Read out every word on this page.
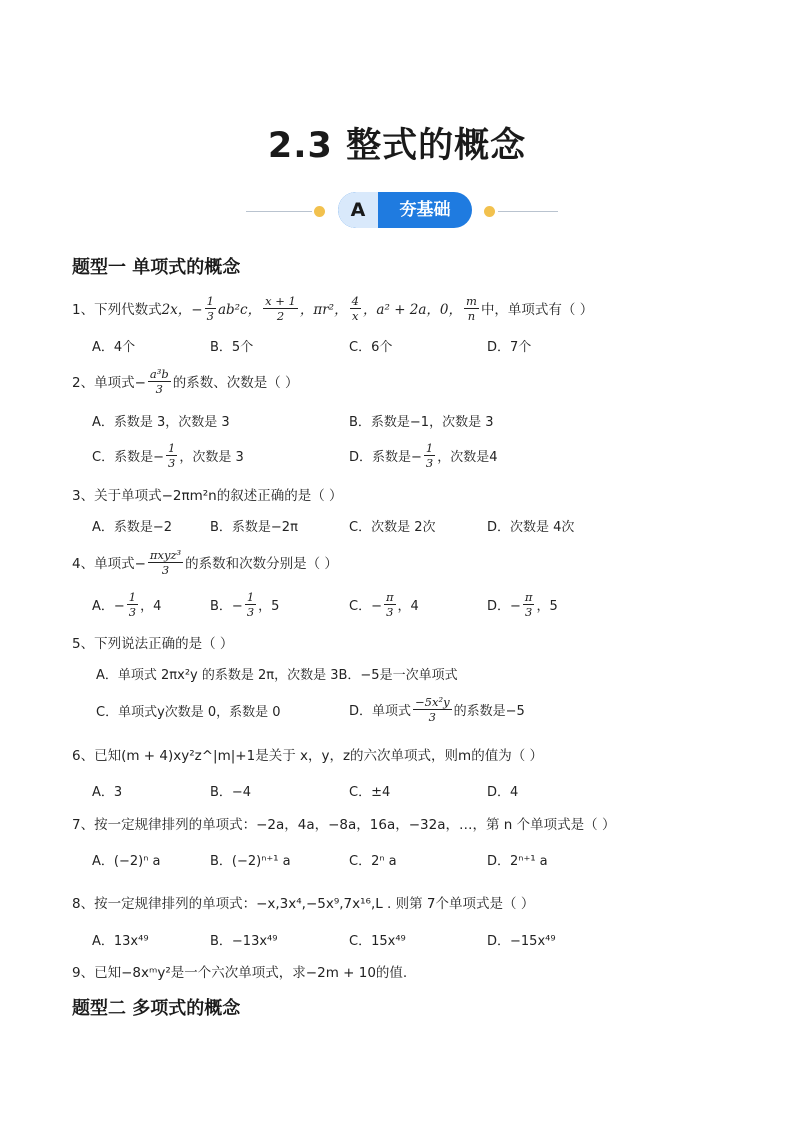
2.3 整式的概念
A	夯基础
题型一 单项式的概念
1、下列代数式 2x，− $\frac{1}{3} ab^2c$， $\frac{x + 1}{2}$ ，πr²， $\frac{4}{x}$ ，a² + 2a，0， $\frac{m}{n}$ 中，单项式有（ ）
A．4个	B．5个	C．6个	D．7个
2、单项式− $\frac{\text{a³b}}{3}$ 的系数、次数是（ ）
A．系数是 3，次数是 3	B．系数是−1，次数是 3
C．系数是− $\frac{1}{3}$ ，次数是 3	D．系数是− $\frac{1}{3}$ ，次数是4
3、关于单项式−2πm²n的叙述正确的是（ ）
A．系数是−2	B．系数是−2π	C．次数是 2次	D．次数是 4次
4、单项式− $\frac{\text{πxyz³}}{3}$ 的系数和次数分别是（ ）
A．− $\frac{1}{3}$ ，4	B．− $\frac{1}{3}$ ，5	C．− $\frac{\pi}{3}$ ，4	D．− $\frac{\pi}{3}$ ，5
5、下列说法正确的是（ ）
A．单项式 2πx²y 的系数是 2π，次数是 3B．−5是一次单项式
C．单项式y次数是 0，系数是 0	D．单项式 $\frac{\text{−5x²y}}{3}$ 的系数是−5
6、已知(m + 4)xy²z^|m|+1是关于 x，y，z的六次单项式，则m的值为（ ）
A．3	B．−4	C．±4	D．4
7、按一定规律排列的单项式：−2a，4a，−8a，16a，−32a，…，第 n 个单项式是（ ）
A．(−2)ⁿ a	B．(−2)ⁿ⁺¹ a	C．2ⁿ a	D．2ⁿ⁺¹ a
8、按一定规律排列的单项式：−x,3x⁴,−5x⁹,7x¹⁶,L . 则第 7个单项式是（ ）
A．13x⁴⁹	B．−13x⁴⁹	C．15x⁴⁹	D．−15x⁴⁹
9、已知−8xᵐy²是一个六次单项式，求−2m + 10的值.
题型二 多项式的概念
